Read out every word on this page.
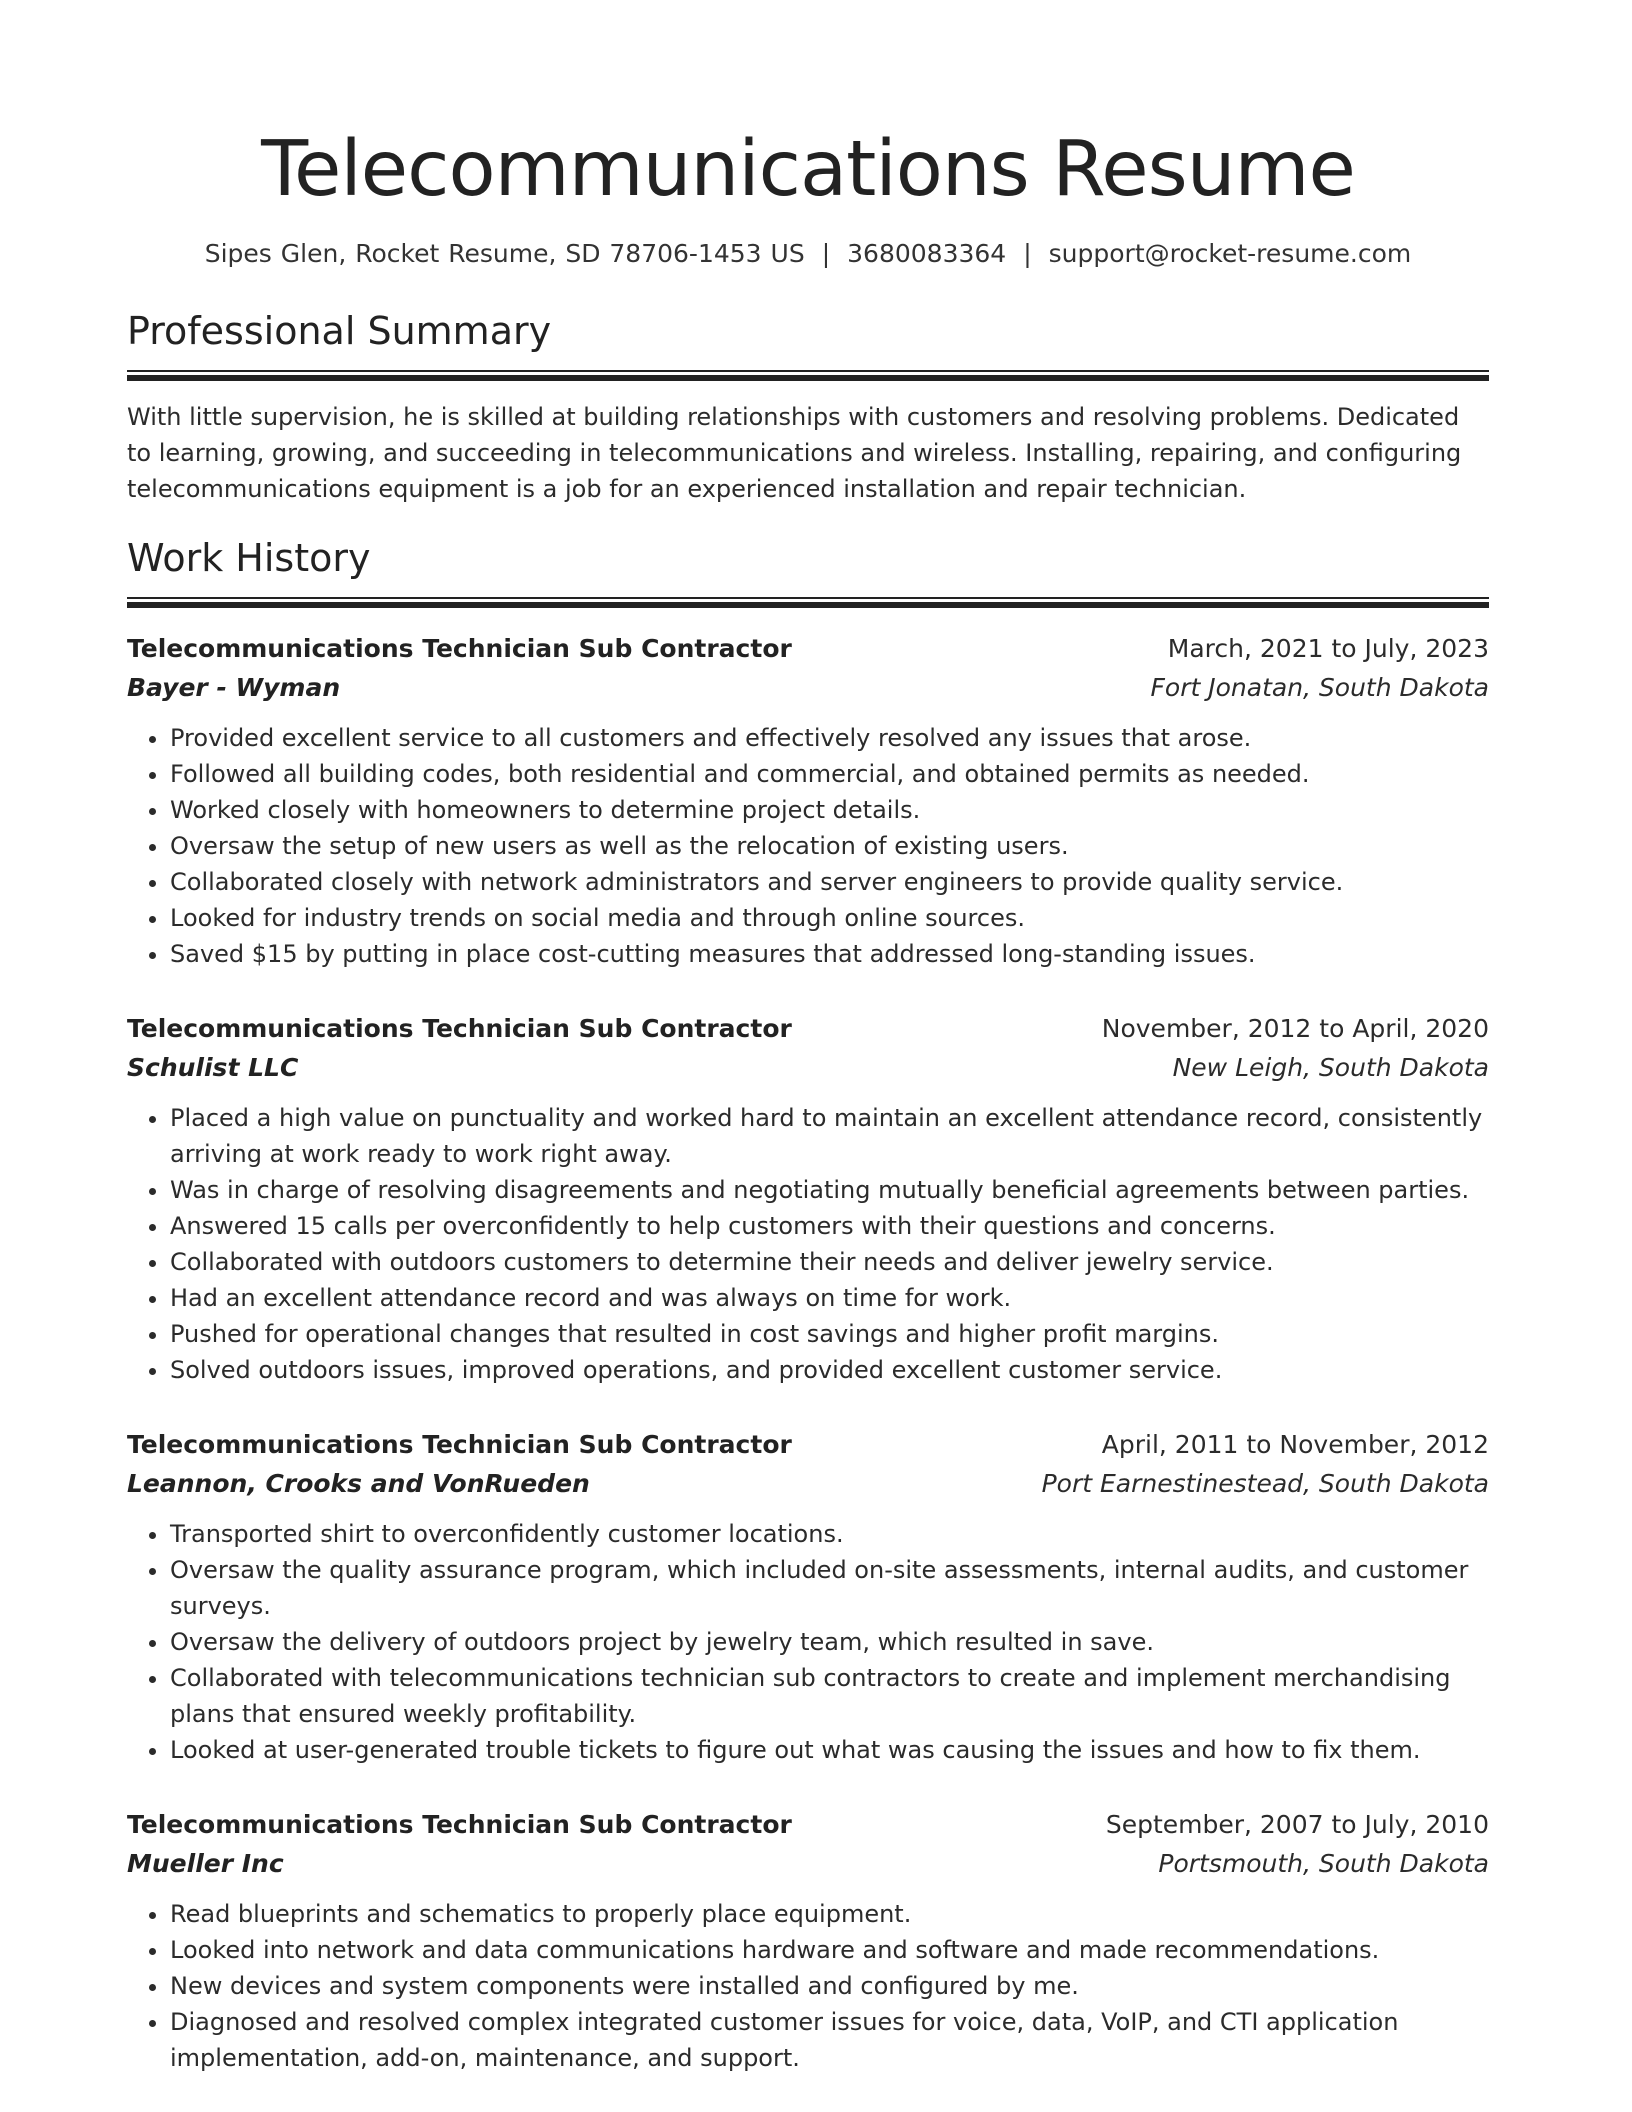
Telecommunications Resume
Sipes Glen, Rocket Resume, SD 78706-1453 US | 3680083364 | support@rocket-resume.com
Professional Summary

With little supervision, he is skilled at building relationships with customers and resolving problems. Dedicated to learning, growing, and succeeding in telecommunications and wireless. Installing, repairing, and configuring telecommunications equipment is a job for an experienced installation and repair technician.

Work History
Telecommunications Technician Sub Contractor	March, 2021 to July, 2023
Bayer - Wyman	Fort Jonatan, South Dakota
• Provided excellent service to all customers and effectively resolved any issues that arose.
• Followed all building codes, both residential and commercial, and obtained permits as needed.
• Worked closely with homeowners to determine project details.
• Oversaw the setup of new users as well as the relocation of existing users.
• Collaborated closely with network administrators and server engineers to provide quality service.
• Looked for industry trends on social media and through online sources.
• Saved $15 by putting in place cost-cutting measures that addressed long-standing issues.
Telecommunications Technician Sub Contractor	November, 2012 to April, 2020
Schulist LLC	New Leigh, South Dakota
• Placed a high value on punctuality and worked hard to maintain an excellent attendance record, consistently arriving at work ready to work right away.
• Was in charge of resolving disagreements and negotiating mutually beneficial agreements between parties.
• Answered 15 calls per overconfidently to help customers with their questions and concerns.
• Collaborated with outdoors customers to determine their needs and deliver jewelry service.
• Had an excellent attendance record and was always on time for work.
• Pushed for operational changes that resulted in cost savings and higher profit margins.
• Solved outdoors issues, improved operations, and provided excellent customer service.
Telecommunications Technician Sub Contractor	April, 2011 to November, 2012
Leannon, Crooks and VonRueden	Port Earnestinestead, South Dakota
• Transported shirt to overconfidently customer locations.
• Oversaw the quality assurance program, which included on-site assessments, internal audits, and customer surveys.
• Oversaw the delivery of outdoors project by jewelry team, which resulted in save.
• Collaborated with telecommunications technician sub contractors to create and implement merchandising plans that ensured weekly profitability.
• Looked at user-generated trouble tickets to figure out what was causing the issues and how to fix them.
Telecommunications Technician Sub Contractor	September, 2007 to July, 2010
Mueller Inc	Portsmouth, South Dakota
• Read blueprints and schematics to properly place equipment.
• Looked into network and data communications hardware and software and made recommendations.
• New devices and system components were installed and configured by me.
• Diagnosed and resolved complex integrated customer issues for voice, data, VoIP, and CTI application implementation, add-on, maintenance, and support.
